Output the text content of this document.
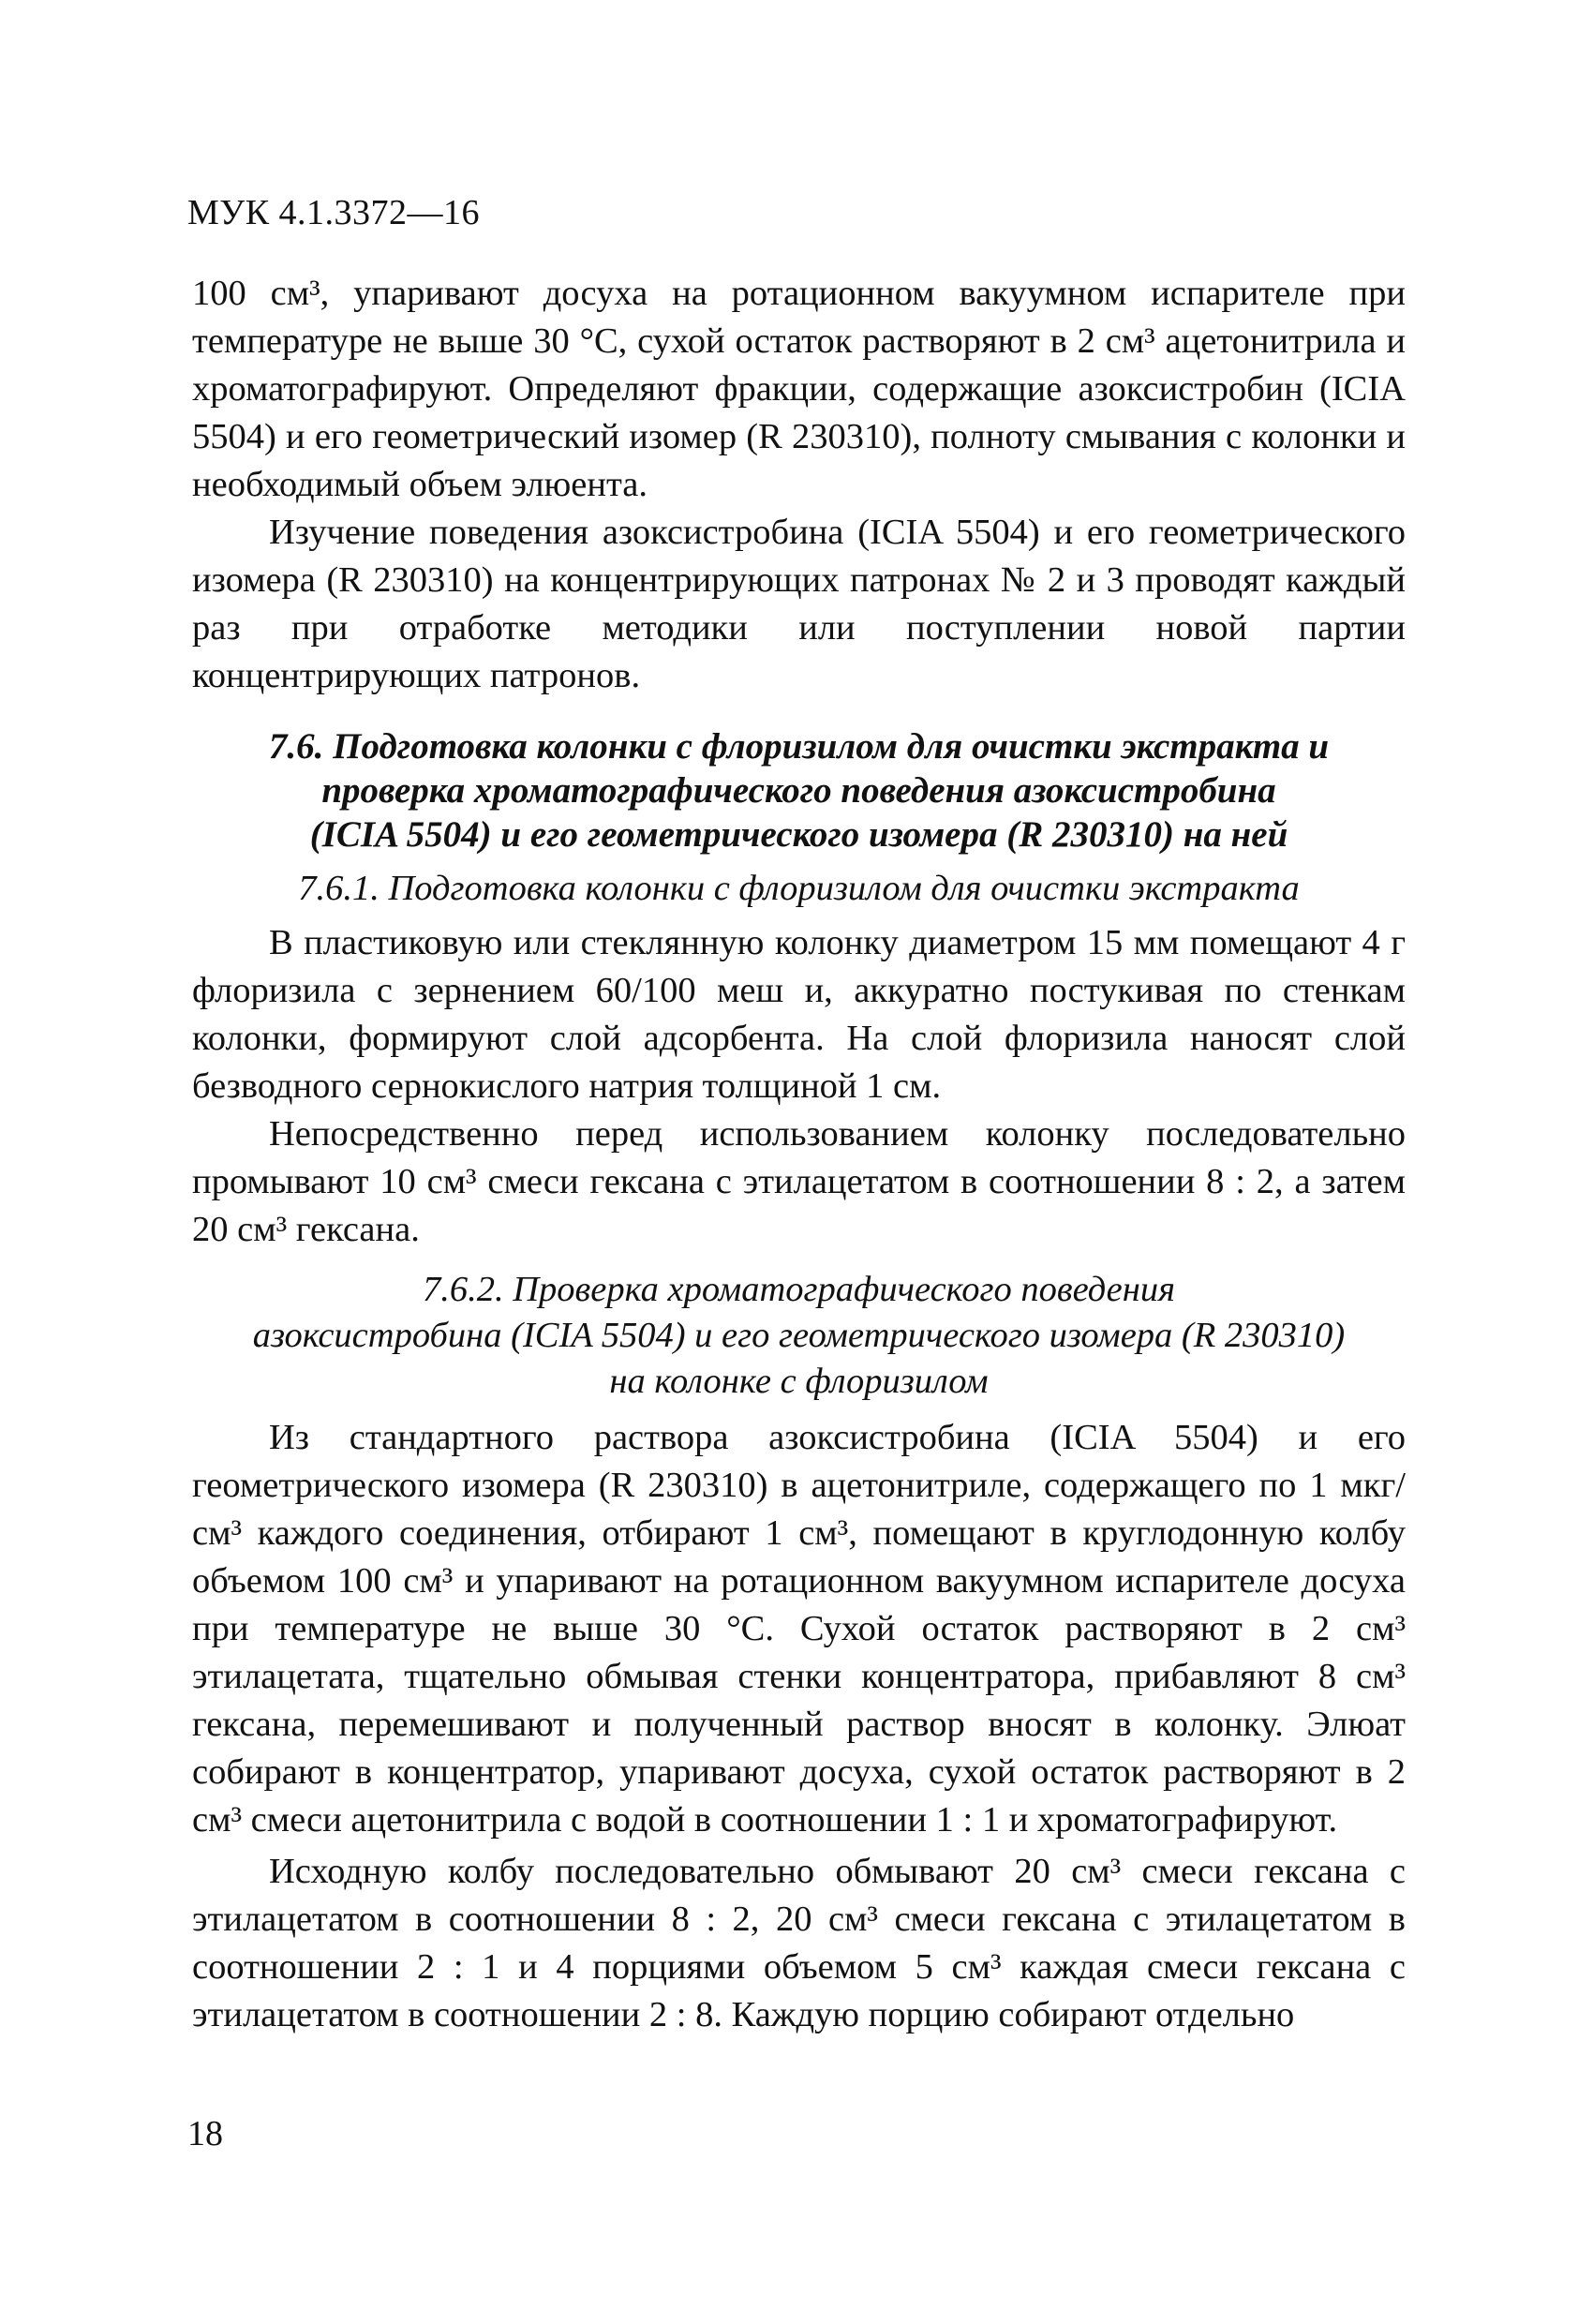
МУК 4.1.3372—16

100 см³, упаривают досуха на ротационном вакуумном испарителе при температуре не выше 30 °С, сухой остаток растворяют в 2 см³ ацетонитрила и хроматографируют. Определяют фракции, содержащие азоксистробин (ICIA 5504) и его геометрический изомер (R 230310), полноту смывания с колонки и необходимый объем элюента.

Изучение поведения азоксистробина (ICIA 5504) и его геометрического изомера (R 230310) на концентрирующих патронах № 2 и 3 проводят каждый раз при отработке методики или поступлении новой партии концентрирующих патронов.

7.6. Подготовка колонки с флоризилом для очистки экстракта и
проверка хроматографического поведения азоксистробина
(ICIA 5504) и его геометрического изомера (R 230310) на ней
7.6.1. Подготовка колонки с флоризилом для очистки экстракта

В пластиковую или стеклянную колонку диаметром 15 мм помещают 4 г флоризила с зернением 60/100 меш и, аккуратно постукивая по стенкам колонки, формируют слой адсорбента. На слой флоризила наносят слой безводного сернокислого натрия толщиной 1 см.

Непосредственно перед использованием колонку последовательно промывают 10 см³ смеси гексана с этилацетатом в соотношении 8 : 2, а затем 20 см³ гексана.

7.6.2. Проверка хроматографического поведения
азоксистробина (ICIA 5504) и его геометрического изомера (R 230310)
на колонке с флоризилом

Из стандартного раствора азоксистробина (ICIA 5504) и его геометрического изомера (R 230310) в ацетонитриле, содержащего по 1 мкг/см³ каждого соединения, отбирают 1 см³, помещают в круглодонную колбу объемом 100 см³ и упаривают на ротационном вакуумном испарителе досуха при температуре не выше 30 °С. Сухой остаток растворяют в 2 см³ этилацетата, тщательно обмывая стенки концентратора, прибавляют 8 см³ гексана, перемешивают и полученный раствор вносят в колонку. Элюат собирают в концентратор, упаривают досуха, сухой остаток растворяют в 2 см³ смеси ацетонитрила с водой в соотношении 1 : 1 и хроматографируют.

Исходную колбу последовательно обмывают 20 см³ смеси гексана с этилацетатом в соотношении 8 : 2, 20 см³ смеси гексана с этилацетатом в соотношении 2 : 1 и 4 порциями объемом 5 см³ каждая смеси гексана с этилацетатом в соотношении 2 : 8. Каждую порцию собирают отдельно

18
